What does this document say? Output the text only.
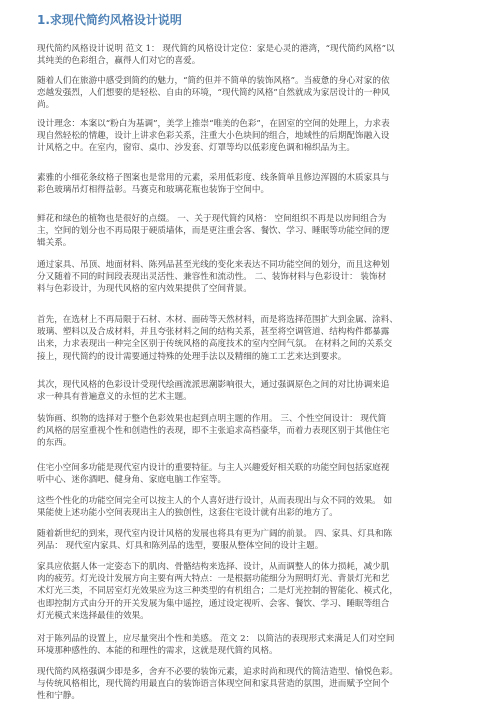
1.求现代简约风格设计说明

现代简约风格设计说明 范文 1： 现代简约风格设计定位：家是心灵的港湾，“现代简约风格”以
其纯美的色彩组合，赢得人们对它的喜爱。

随着人们在旅游中感受到简约的魅力，“简约但并不简单的装饰风格”。当疲惫的身心对家的依
恋越发强烈，人们想要的是轻松、自由的环境，“现代简约风格”自然就成为家居设计的一种风
尚。

设计理念：本案以“粉白为基调”，美学上推崇“唯美的色彩”，在固室的空间的处理上，力求表
现自然轻松的情趣，设计上讲求色彩关系，注重大小色块间的组合，地域性的后期配饰融入设
计风格之中。在室内，窗帘、桌巾、沙发套、灯罩等均以低彩度色调和棉织品为主。

素雅的小细花条纹格子图案也是常用的元素，采用低彩度、线条简单且修边浑圆的木质家具与
彩色玻璃吊灯相得益彰。马赛克和玻璃花瓶也装饰于空间中。

鲜花和绿色的植物也是很好的点缀。 一、关于现代简约风格： 空间组织不再是以房间组合为
主，空间的划分也不再局限于硬质墙体，而是更注重会客、餐饮、学习、睡眠等功能空间的逻
辑关系。

通过家具、吊顶、地面材料、陈列品甚至光线的变化来表达不同功能空间的划分，而且这种划
分又随着不同的时间段表现出灵活性、兼容性和流动性。 二、装饰材料与色彩设计： 装饰材
料与色彩设计，为现代风格的室内效果提供了空间背景。

首先，在选材上不再局限于石材、木材、面砖等天然材料，而是将选择范围扩大到金属、涂料、
玻璃、塑料以及合成材料，并且夸张材料之间的结构关系，甚至将空调管道、结构构件都暴露
出来，力求表现出一种完全区别于传统风格的高度技术的室内空间气氛。 在材料之间的关系交
接上，现代简约的设计需要通过特殊的处理手法以及精细的施工工艺来达到要求。

其次，现代风格的色彩设计受现代绘画流派思潮影响很大，通过强调原色之间的对比协调来追
求一种具有普遍意义的永恒的艺术主题。

装饰画、织物的选择对于整个色彩效果也起到点明主题的作用。 三、个性空间设计： 现代简
约风格的居室重视个性和创造性的表现，即不主张追求高档豪华，而着力表现区别于其他住宅
的东西。

住宅小空间多功能是现代室内设计的重要特征。与主人兴趣爱好相关联的功能空间包括家庭视
听中心、迷你酒吧、健身角、家庭电脑工作室等。

这些个性化的功能空间完全可以按主人的个人喜好进行设计，从而表现出与众不同的效果。 如
果能使上述功能小空间表现出主人的独创性，这套住宅设计就有出彩的地方了。

随着新世纪的到来，现代室内设计风格的发展也将具有更为广阔的前景。 四、家具、灯具和陈
列品： 现代室内家具、灯具和陈列品的选型，要服从整体空间的设计主题。

家具应依据人体一定姿态下的肌肉、骨骼结构来选择、设计，从而调整人的体力损耗，减少肌
肉的疲劳。灯光设计发展方向主要有两大特点：一是根据功能细分为照明灯光、背景灯光和艺
术灯光三类，不同居室灯光效果应为这三种类型的有机组合；二是灯光控制的智能化、模式化，
也即控制方式由分开的开关发展为集中遥控，通过设定视听、会客、餐饮、学习、睡眠等组合
灯光模式来选择最佳的效果。

对于陈列品的设置上，应尽量突出个性和美感。 范文 2： 以简洁的表现形式来满足人们对空间
环境那种感性的、本能的和理性的需求，这就是现代简约风格。

现代简约风格强调少即是多，舍弃不必要的装饰元素，追求时尚和现代的简洁造型、愉悦色彩。
与传统风格相比，现代简约用最直白的装饰语言体现空间和家具营造的氛围，进而赋予空间个
性和宁静。
